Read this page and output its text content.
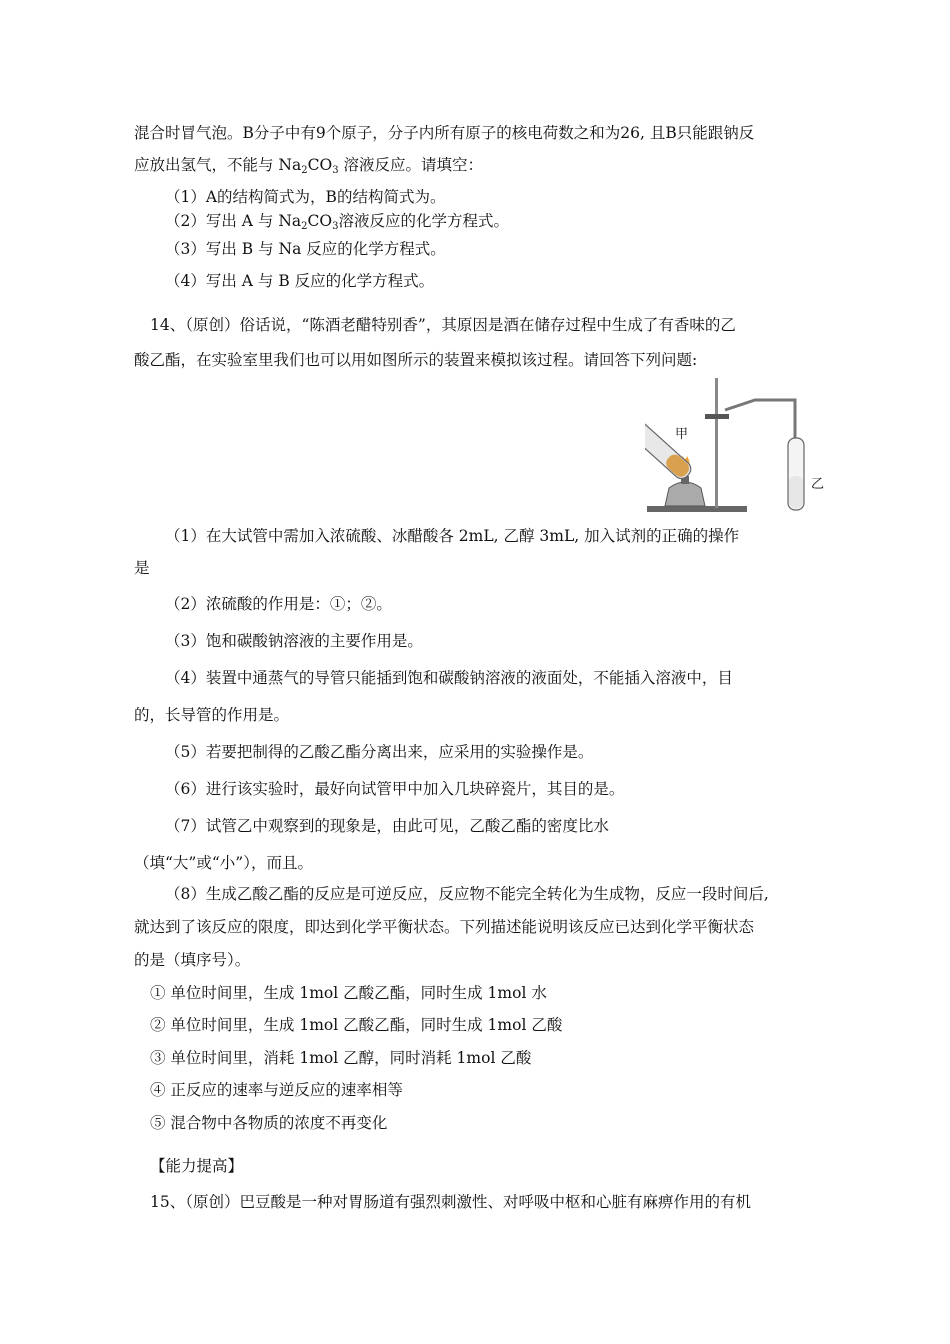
混合时冒气泡。B分子中有9个原子，分子内所有原子的核电荷数之和为26, 且B只能跟钠反
应放出氢气，不能与 $Na_2CO_3$ 溶液反应。请填空：
（1）A的结构简式为，B的结构简式为。
（2）写出 A 与 $Na_2CO_3$溶液反应的化学方程式。
（3）写出 B 与 Na 反应的化学方程式。
（4）写出 A 与 B 反应的化学方程式。
14、（原创）俗话说，“陈酒老醋特别香”，其原因是酒在储存过程中生成了有香味的乙
酸乙酯，在实验室里我们也可以用如图所示的装置来模拟该过程。请回答下列问题:
甲
乙
（1）在大试管中需加入浓硫酸、冰醋酸各 2mL, 乙醇 3mL, 加入试剂的正确的操作
是
（2）浓硫酸的作用是：①；②。
（3）饱和碳酸钠溶液的主要作用是。
（4）装置中通蒸气的导管只能插到饱和碳酸钠溶液的液面处，不能插入溶液中，目
的，长导管的作用是。
（5）若要把制得的乙酸乙酯分离出来，应采用的实验操作是。
（6）进行该实验时，最好向试管甲中加入几块碎瓷片，其目的是。
（7）试管乙中观察到的现象是，由此可见，乙酸乙酯的密度比水
（填“大”或“小”），而且。
（8）生成乙酸乙酯的反应是可逆反应，反应物不能完全转化为生成物，反应一段时间后,
就达到了该反应的限度，即达到化学平衡状态。下列描述能说明该反应已达到化学平衡状态
的是（填序号）。
① 单位时间里，生成 1mol 乙酸乙酯，同时生成 1mol 水
② 单位时间里，生成 1mol 乙酸乙酯，同时生成 1mol 乙酸
③ 单位时间里，消耗 1mol 乙醇，同时消耗 1mol 乙酸
④ 正反应的速率与逆反应的速率相等
⑤ 混合物中各物质的浓度不再变化
【能力提高】
15、（原创）巴豆酸是一种对胃肠道有强烈刺激性、对呼吸中枢和心脏有麻痹作用的有机
